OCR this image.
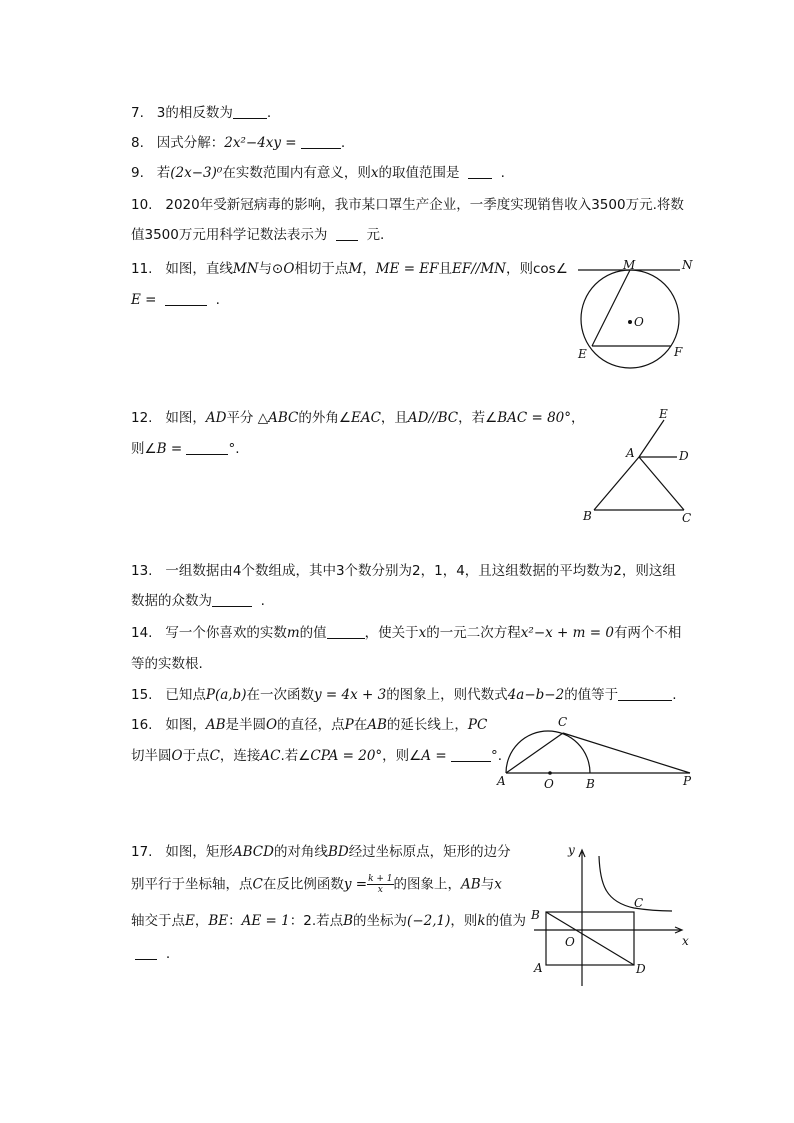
7. 3的相反数为	.
8. 因式分解：2x²−4xy =	.
9. 若(2x−3)⁰在实数范围内有意义，则x的取值范围是    .
10. 2020年受新冠病毒的影响，我市某口罩生产企业，一季度实现销售收入3500万元.将数
值3500万元用科学记数法表示为	元.
11. 如图，直线MN与⊙O相切于点M，ME = EF且EF//MN，则cos∠
E =	.
M	N
O
E	F
12. 如图，AD平分 △ABC的外角∠EAC，且AD//BC，若∠BAC = 80°，
则∠B =	°.
E
A	D
B	C
13. 一组数据由4个数组成，其中3个数分别为2，1，4，且这组数据的平均数为2，则这组
数据的众数为	.
14. 写一个你喜欢的实数m的值	，使关于x的一元二次方程x²−x + m = 0有两个不相
等的实数根.
15. 已知点P(a,b)在一次函数y = 4x + 3的图象上，则代数式4a−b−2的值等于	.
16. 如图，AB是半圆O的直径，点P在AB的延长线上，PC
切半圆O于点C，连接AC.若∠CPA = 20°，则∠A =	°.
C
A	O	B	P
17. 如图，矩形ABCD的对角线BD经过坐标原点，矩形的边分
别平行于坐标轴，点C在反比例函数$y = \frac{k + 1}{x}$ 的图象上，AB与x
轴交于点E，BE：AE = 1：2.若点B的坐标为(−2,1)，则k的值为
.
y
x
B
C
O
A	D
